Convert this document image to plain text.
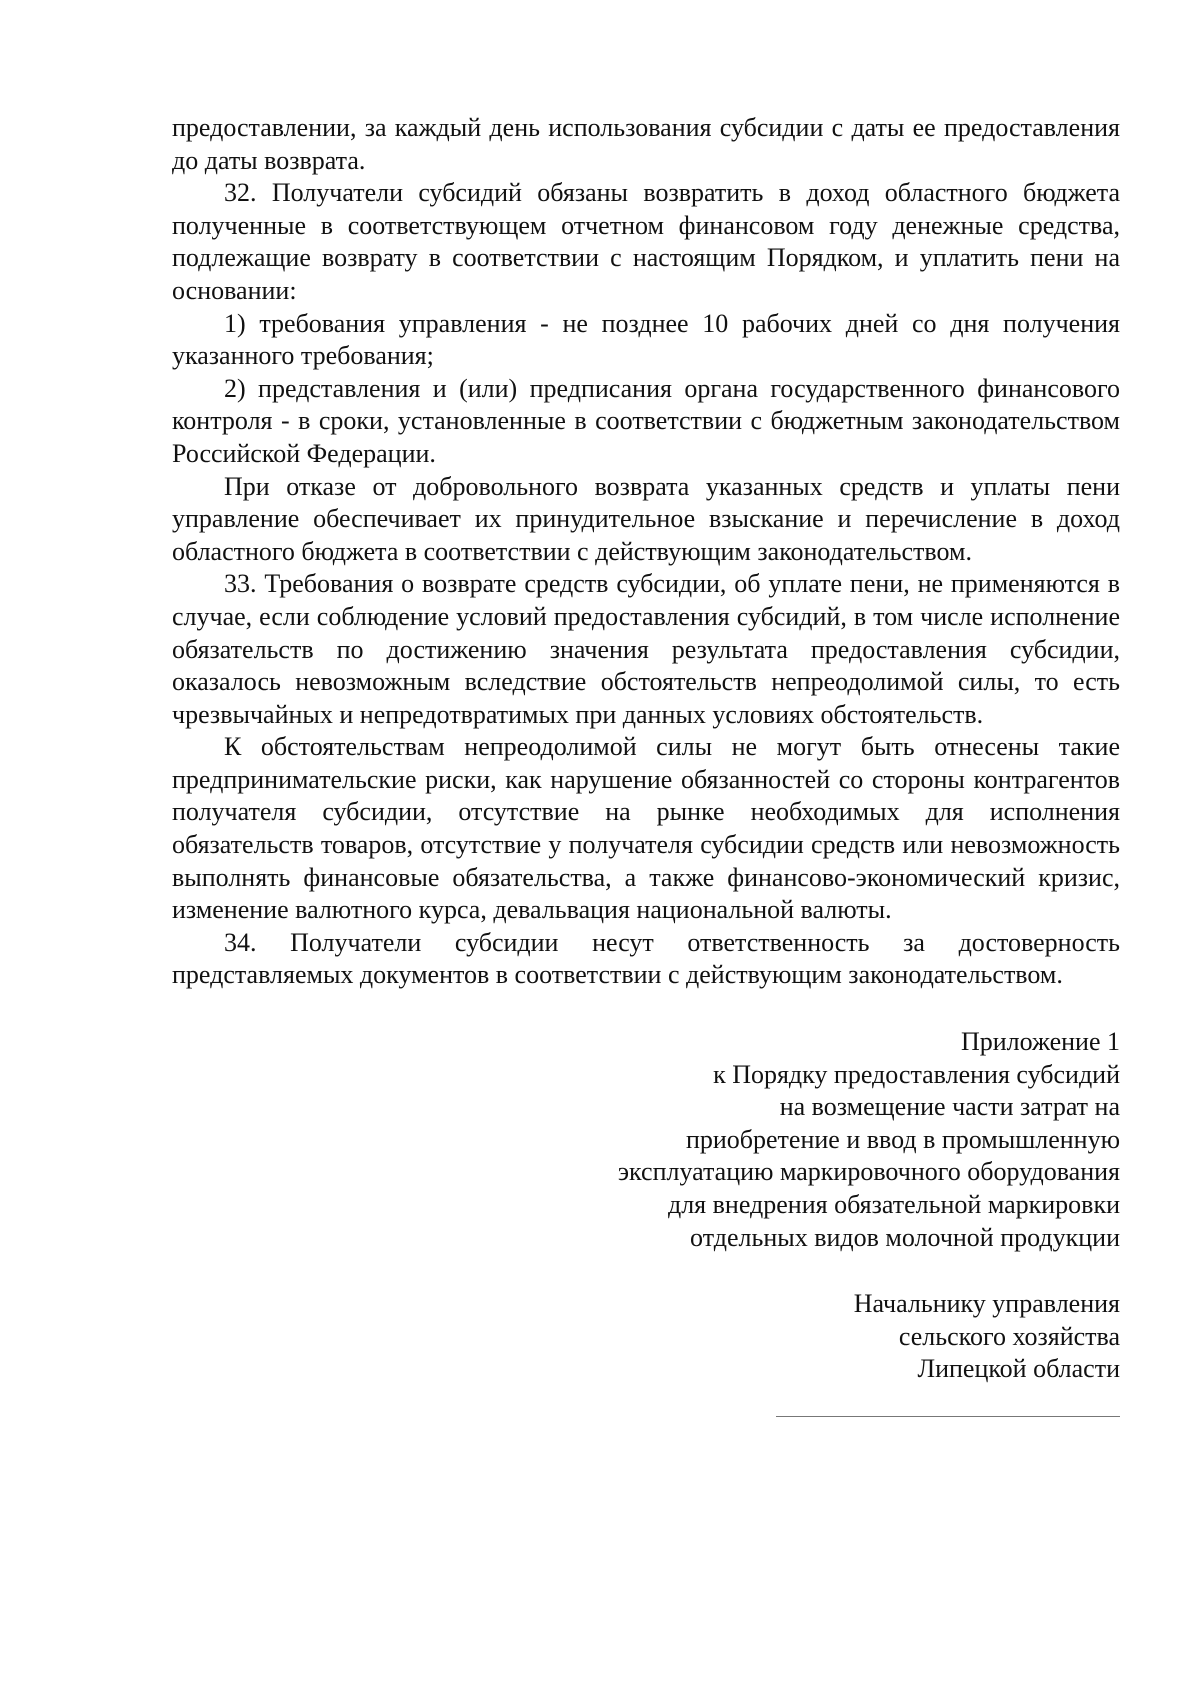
предоставлении, за каждый день использования субсидии с даты ее предоставления до даты возврата.

32. Получатели субсидий обязаны возвратить в доход областного бюджета полученные в соответствующем отчетном финансовом году денежные средства, подлежащие возврату в соответствии с настоящим Порядком, и уплатить пени на основании:

1) требования управления - не позднее 10 рабочих дней со дня получения указанного требования;

2) представления и (или) предписания органа государственного финансового контроля - в сроки, установленные в соответствии с бюджетным законодательством Российской Федерации.

При отказе от добровольного возврата указанных средств и уплаты пени управление обеспечивает их принудительное взыскание и перечисление в доход областного бюджета в соответствии с действующим законодательством.

33. Требования о возврате средств субсидии, об уплате пени, не применяются в случае, если соблюдение условий предоставления субсидий, в том числе исполнение обязательств по достижению значения результата предоставления субсидии, оказалось невозможным вследствие обстоятельств непреодолимой силы, то есть чрезвычайных и непредотвратимых при данных условиях обстоятельств.

К обстоятельствам непреодолимой силы не могут быть отнесены такие предпринимательские риски, как нарушение обязанностей со стороны контрагентов получателя субсидии, отсутствие на рынке необходимых для исполнения обязательств товаров, отсутствие у получателя субсидии средств или невозможность выполнять финансовые обязательства, а также финансово-экономический кризис, изменение валютного курса, девальвация национальной валюты.

34. Получатели субсидии несут ответственность за достоверность представляемых документов в соответствии с действующим законодательством.

Приложение 1
к Порядку предоставления субсидий
на возмещение части затрат на
приобретение и ввод в промышленную
эксплуатацию маркировочного оборудования
для внедрения обязательной маркировки
отдельных видов молочной продукции
Начальнику управления
сельского хозяйства
Липецкой области
